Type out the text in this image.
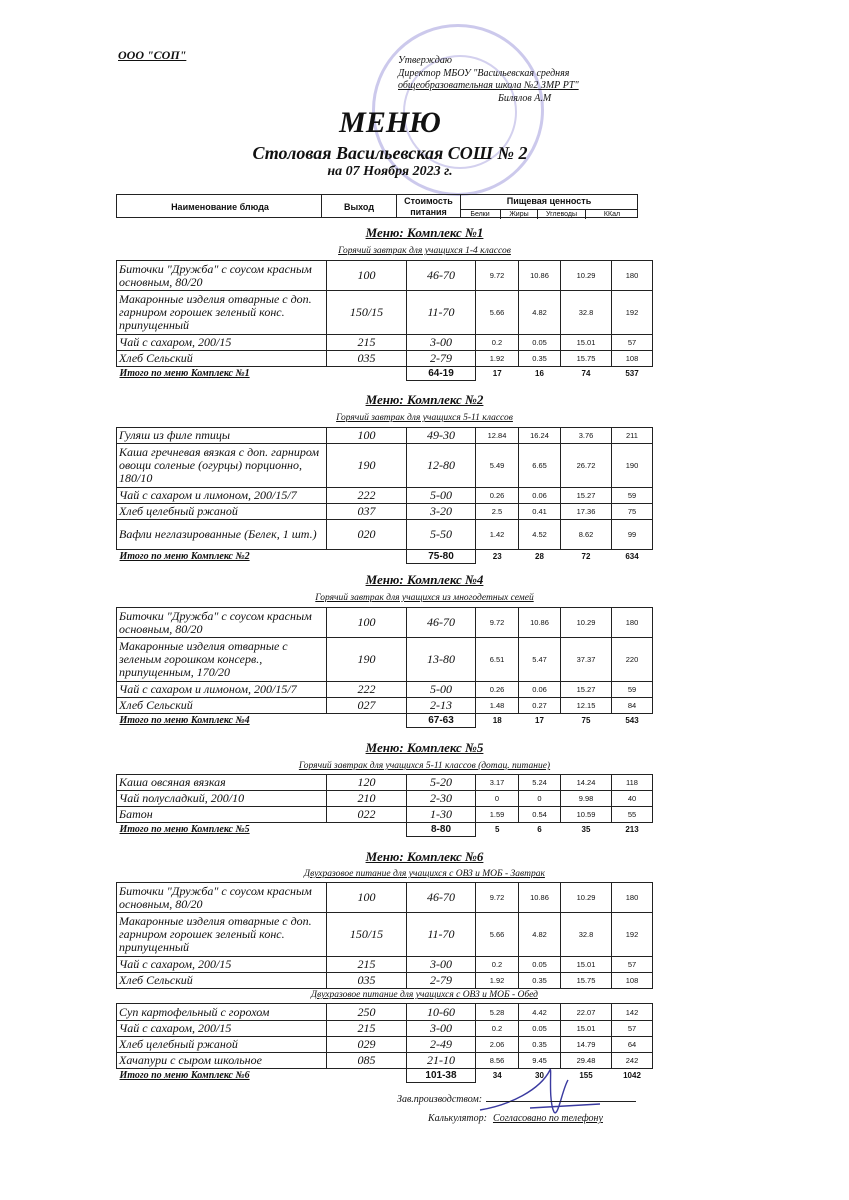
ООО "СОП"	Утверждаю
Директор МБОУ "Васильевская средняя
общеобразовательная школа №2 ЗМР РТ"
Билялов А.М
МЕНЮ
Столовая Васильевская СОШ № 2
на 07 Ноября 2023 г.
Наименование блюда	Выход
Стоимость
питания
Пищевая ценность
Белки	Жиры	Углеводы	ККал
Меню: Комплекс №1
Горячий завтрак для учащихся 1-4 классов
Биточки "Дружба" с соусом красным основным, 80/20	100	46-70	9.72	10.86	10.29	180
Макаронные изделия отварные с доп. гарниром горошек зеленый конс. припущенный	150/15	11-70	5.66	4.82	32.8	192
Чай с сахаром, 200/15	215	3-00	0.2	0.05	15.01	57
Хлеб Сельский	035	2-79	1.92	0.35	15.75	108
Итого по меню Комплекс №1		64-19	17	16	74	537
Меню: Комплекс №2
Горячий завтрак для учащихся 5-11 классов
Гуляш из филе птицы	100	49-30	12.84	16.24	3.76	211
Каша гречневая вязкая с доп. гарниром овощи соленые (огурцы) порционно, 180/10	190	12-80	5.49	6.65	26.72	190
Чай с сахаром и лимоном, 200/15/7	222	5-00	0.26	0.06	15.27	59
Хлеб целебный ржаной	037	3-20	2.5	0.41	17.36	75
Вафли неглазированные (Белек, 1 шт.)	020	5-50	1.42	4.52	8.62	99
Итого по меню Комплекс №2		75-80	23	28	72	634
Меню: Комплекс №4
Горячий завтрак для учащихся из многодетных семей
Биточки "Дружба" с соусом красным основным, 80/20	100	46-70	9.72	10.86	10.29	180
Макаронные изделия отварные с зеленым горошком консерв., припущенным, 170/20	190	13-80	6.51	5.47	37.37	220
Чай с сахаром и лимоном, 200/15/7	222	5-00	0.26	0.06	15.27	59
Хлеб Сельский	027	2-13	1.48	0.27	12.15	84
Итого по меню Комплекс №4		67-63	18	17	75	543
Меню: Комплекс №5
Горячий завтрак для учащихся 5-11 классов (дотац. питание)
Каша овсяная вязкая	120	5-20	3.17	5.24	14.24	118
Чай полусладкий, 200/10	210	2-30	0	0	9.98	40
Батон	022	1-30	1.59	0.54	10.59	55
Итого по меню Комплекс №5		8-80	5	6	35	213
Меню: Комплекс №6
Двухразовое питание для учащихся с ОВЗ и МОБ - Завтрак
Биточки "Дружба" с соусом красным основным, 80/20	100	46-70	9.72	10.86	10.29	180
Макаронные изделия отварные с доп. гарниром горошек зеленый конс. припущенный	150/15	11-70	5.66	4.82	32.8	192
Чай с сахаром, 200/15	215	3-00	0.2	0.05	15.01	57
Хлеб Сельский	035	2-79	1.92	0.35	15.75	108
Двухразовое питание для учащихся с ОВЗ и МОБ - Обед
Суп картофельный с горохом	250	10-60	5.28	4.42	22.07	142
Чай с сахаром, 200/15	215	3-00	0.2	0.05	15.01	57
Хлеб целебный ржаной	029	2-49	2.06	0.35	14.79	64
Хачапури с сыром школьное	085	21-10	8.56	9.45	29.48	242
Итого по меню Комплекс №6		101-38	34	30	155	1042
Зав.производством:
Калькулятор: Согласовано по телефону
